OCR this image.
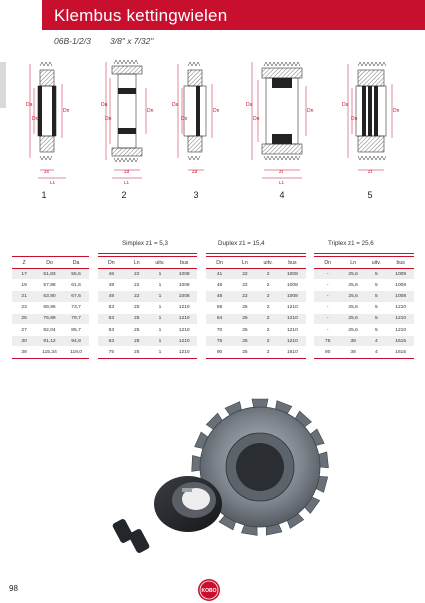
Klembus kettingwielen
06B-1/2/3 3/8" x 7/32"
Da
Do
Dn
Zs
L1
Da
Do
Dn
Zd
L1
Da
Do
Dn
Zd
Da
Do
Dn
Zt
L1
Da
Do
Dn
Zt
1	2	3	4	5
Simplex z1 = 5,3	Duplex z1 = 15,4	Triplex z1 = 25,6
Z	Do	Da		Dn	Ln	uitv.	bus		Dn	Ln	uitv.	bus		Dn	Ln	uitv.	bus
17	51,83	55,5		46	22	1	1008		41	22	2	1008		-	25,6	5	1008
19	57,88	61,6		48	22	1	1008		48	22	2	1008		-	25,6	5	1008
21	63,90	67,6		48	22	1	1008		48	22	2	1008		-	25,6	5	1008
23	69,95	73,7		63	25	1	1210		58	25	2	1210		-	25,6	5	1210
25	75,99	79,7		63	25	1	1210		64	25	2	1210		-	25,6	5	1210
27	82,04	85,7		63	25	1	1210		70	25	2	1210		-	25,6	5	1210
30	91,12	94,9		63	25	1	1210		75	25	2	1210		75	38	4	1615
38	115,34	119,0		75	25	1	1210		90	25	2	1610		90	38	4	1615
98	KOBO
